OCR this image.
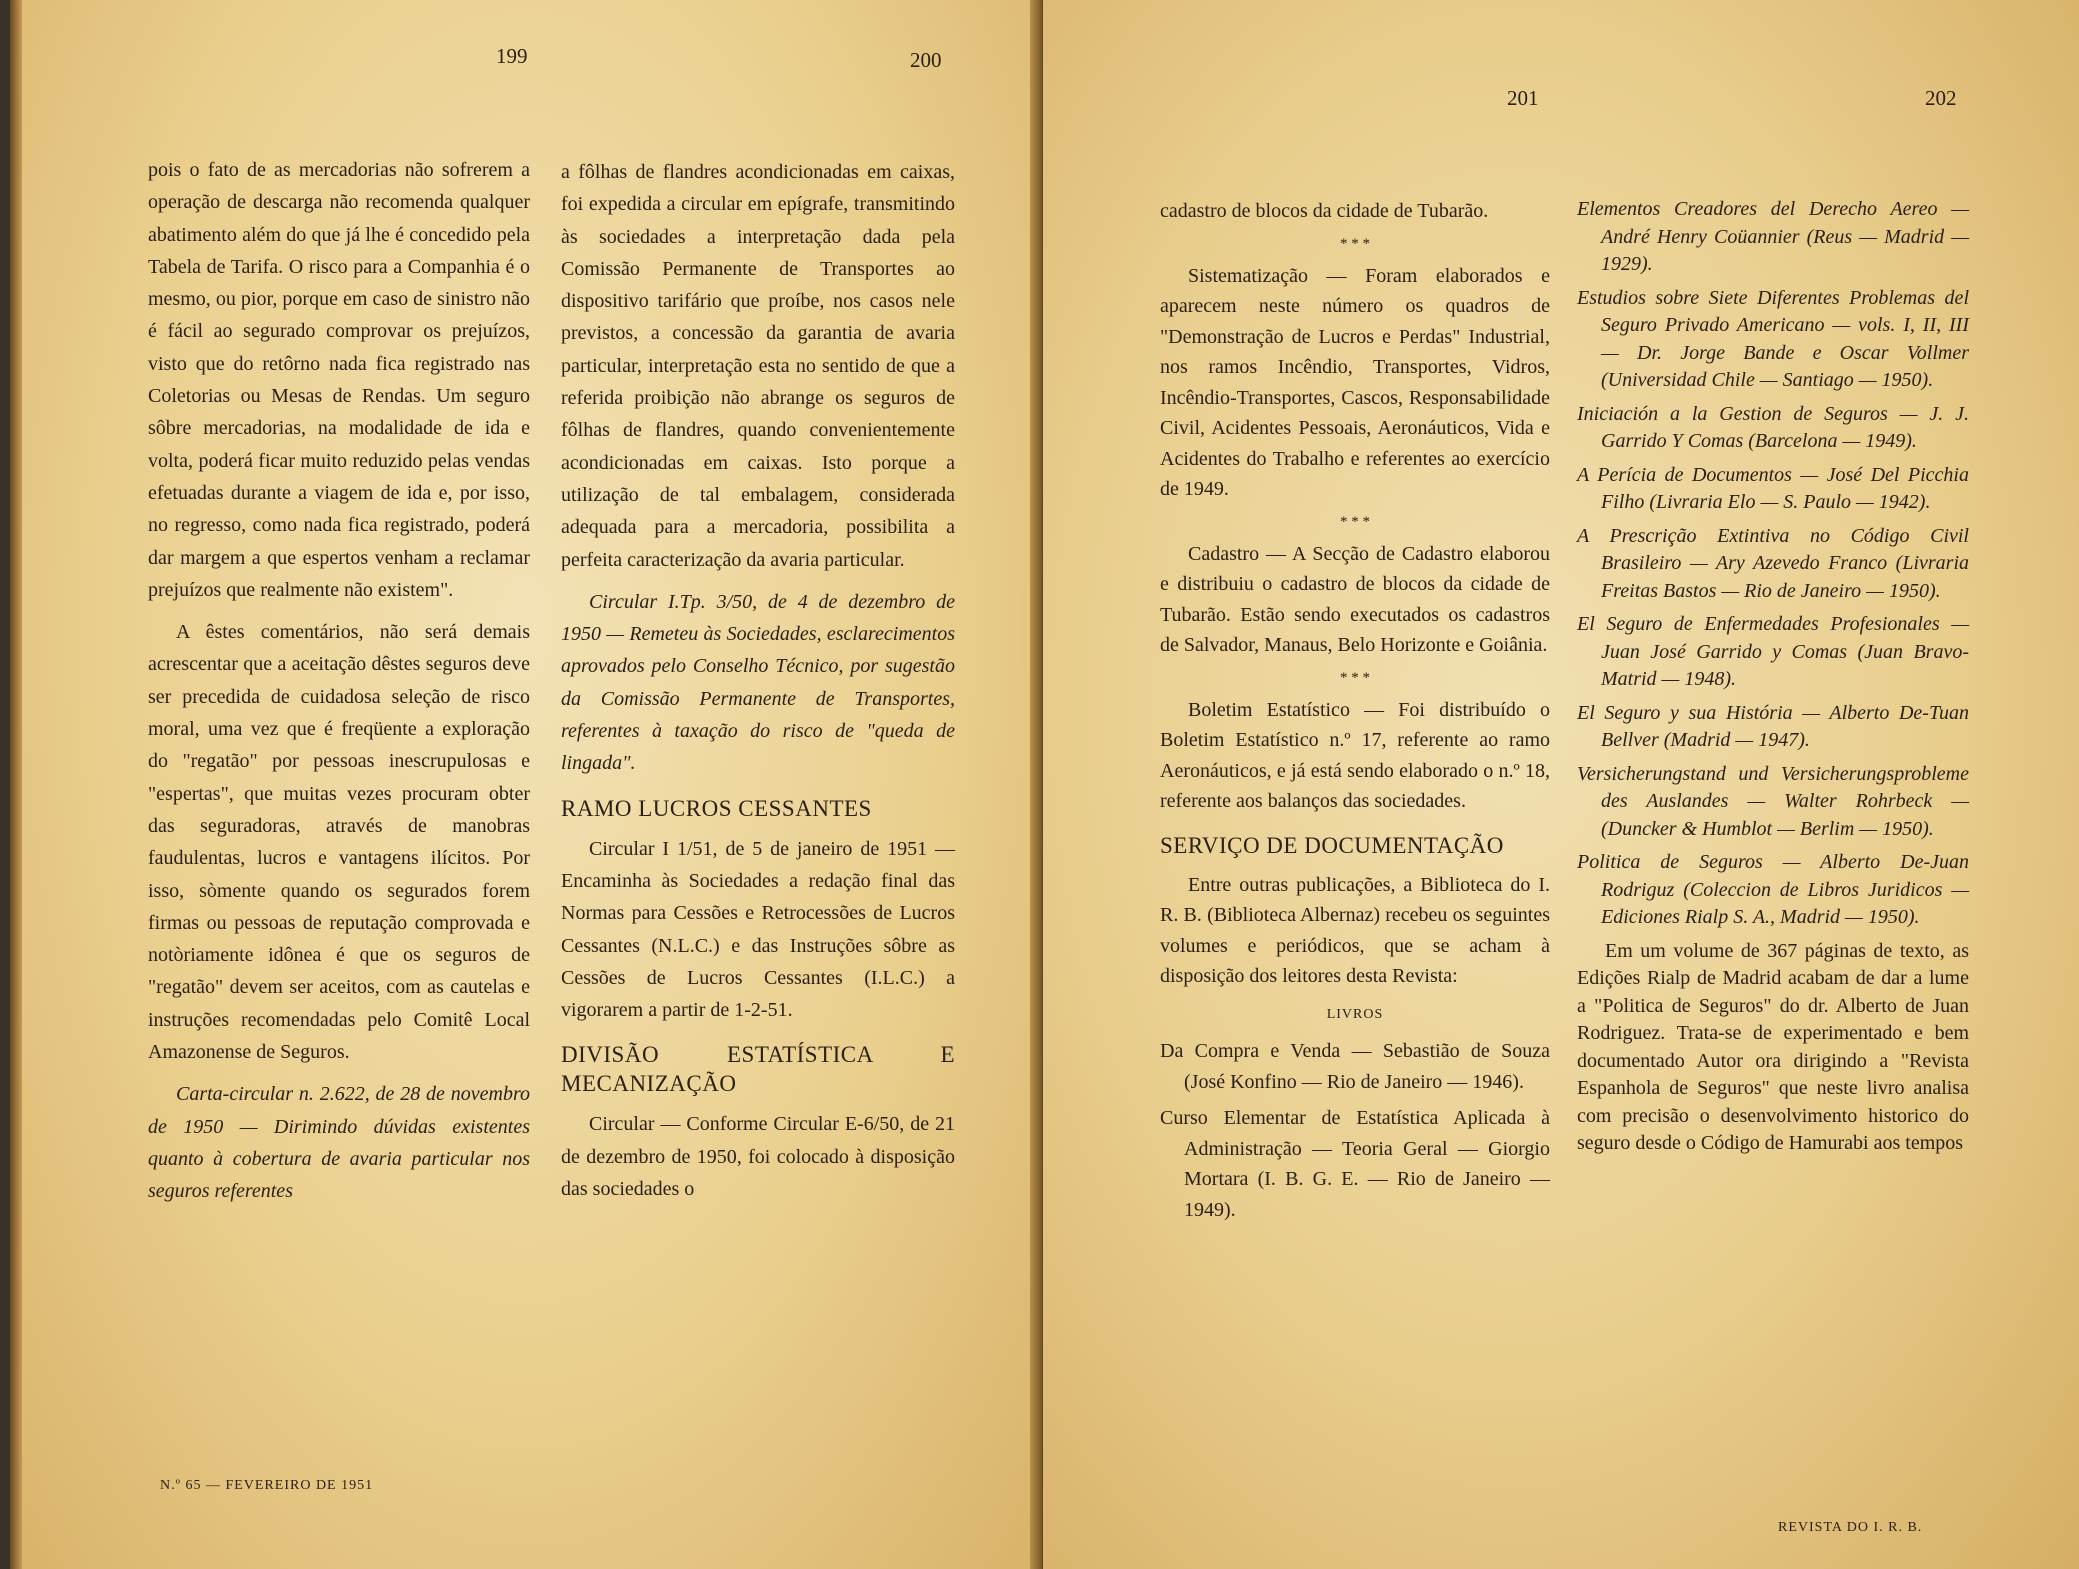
199	200

pois o fato de as mercadorias não sofrerem a operação de descarga não recomenda qualquer abatimento além do que já lhe é concedido pela Tabela de Tarifa. O risco para a Companhia é o mesmo, ou pior, porque em caso de sinistro não é fácil ao segurado comprovar os prejuízos, visto que do retôrno nada fica registrado nas Coletorias ou Mesas de Rendas. Um seguro sôbre mercadorias, na modalidade de ida e volta, poderá ficar muito reduzido pelas vendas efetuadas durante a viagem de ida e, por isso, no regresso, como nada fica registrado, poderá dar margem a que espertos venham a reclamar prejuízos que realmente não existem".

A êstes comentários, não será demais acrescentar que a aceitação dêstes seguros deve ser precedida de cuidadosa seleção de risco moral, uma vez que é freqüente a exploração do "regatão" por pessoas inescrupulosas e "espertas", que muitas vezes procuram obter das seguradoras, através de manobras faudulentas, lucros e vantagens ilícitos. Por isso, sòmente quando os segurados forem firmas ou pessoas de reputação comprovada e notòriamente idônea é que os seguros de "regatão" devem ser aceitos, com as cautelas e instruções recomendadas pelo Comitê Local Amazonense de Seguros.

Carta-circular n. 2.622, de 28 de novembro de 1950 — Dirimindo dúvidas existentes quanto à cobertura de avaria particular nos seguros referentes

a fôlhas de flandres acondicionadas em caixas, foi expedida a circular em epígrafe, transmitindo às sociedades a interpretação dada pela Comissão Permanente de Transportes ao dispositivo tarifário que proíbe, nos casos nele previstos, a concessão da garantia de avaria particular, interpretação esta no sentido de que a referida proibição não abrange os seguros de fôlhas de flandres, quando convenientemente acondicionadas em caixas. Isto porque a utilização de tal embalagem, considerada adequada para a mercadoria, possibilita a perfeita caracterização da avaria particular.

Circular I.Tp. 3/50, de 4 de dezembro de 1950 — Remeteu às Sociedades, esclarecimentos aprovados pelo Conselho Técnico, por sugestão da Comissão Permanente de Transportes, referentes à taxação do risco de "queda de lingada".

RAMO LUCROS CESSANTES

Circular I 1/51, de 5 de janeiro de 1951 — Encaminha às Sociedades a redação final das Normas para Cessões e Retrocessões de Lucros Cessantes (N.L.C.) e das Instruções sôbre as Cessões de Lucros Cessantes (I.L.C.) a vigorarem a partir de 1-2-51.

DIVISÃO ESTATÍSTICA E MECANIZAÇÃO

Circular — Conforme Circular E-6/50, de 21 de dezembro de 1950, foi colocado à disposição das sociedades o

N.º 65 — FEVEREIRO DE 1951
201	202

cadastro de blocos da cidade de Tubarão.

* * *

Sistematização — Foram elaborados e aparecem neste número os quadros de "Demonstração de Lucros e Perdas" Industrial, nos ramos Incêndio, Transportes, Vidros, Incêndio-Transportes, Cascos, Responsabilidade Civil, Acidentes Pessoais, Aeronáuticos, Vida e Acidentes do Trabalho e referentes ao exercício de 1949.

* * *

Cadastro — A Secção de Cadastro elaborou e distribuiu o cadastro de blocos da cidade de Tubarão. Estão sendo executados os cadastros de Salvador, Manaus, Belo Horizonte e Goiânia.

* * *

Boletim Estatístico — Foi distribuído o Boletim Estatístico n.º 17, referente ao ramo Aeronáuticos, e já está sendo elaborado o n.º 18, referente aos balanços das sociedades.

SERVIÇO DE DOCUMENTAÇÃO

Entre outras publicações, a Biblioteca do I. R. B. (Biblioteca Albernaz) recebeu os seguintes volumes e periódicos, que se acham à disposição dos leitores desta Revista:

LIVROS

Da Compra e Venda — Sebastião de Souza (José Konfino — Rio de Janeiro — 1946).

Curso Elementar de Estatística Aplicada à Administração — Teoria Geral — Giorgio Mortara (I. B. G. E. — Rio de Janeiro — 1949).

Elementos Creadores del Derecho Aereo — André Henry Coüannier (Reus — Madrid — 1929).

Estudios sobre Siete Diferentes Problemas del Seguro Privado Americano — vols. I, II, III — Dr. Jorge Bande e Oscar Vollmer (Universidad Chile — Santiago — 1950).

Iniciación a la Gestion de Seguros — J. J. Garrido Y Comas (Barcelona — 1949).

A Perícia de Documentos — José Del Picchia Filho (Livraria Elo — S. Paulo — 1942).

A Prescrição Extintiva no Código Civil Brasileiro — Ary Azevedo Franco (Livraria Freitas Bastos — Rio de Janeiro — 1950).

El Seguro de Enfermedades Profesionales — Juan José Garrido y Comas (Juan Bravo-Matrid — 1948).

El Seguro y sua História — Alberto De-Tuan Bellver (Madrid — 1947).

Versicherungstand und Versicherungsprobleme des Auslandes — Walter Rohrbeck — (Duncker & Humblot — Berlim — 1950).

Politica de Seguros — Alberto De-Juan Rodriguz (Coleccion de Libros Juridicos — Ediciones Rialp S. A., Madrid — 1950).

Em um volume de 367 páginas de texto, as Edições Rialp de Madrid acabam de dar a lume a "Politica de Seguros" do dr. Alberto de Juan Rodriguez. Trata-se de experimentado e bem documentado Autor ora dirigindo a "Revista Espanhola de Seguros" que neste livro analisa com precisão o desenvolvimento historico do seguro desde o Código de Hamurabi aos tempos

REVISTA DO I. R. B.
